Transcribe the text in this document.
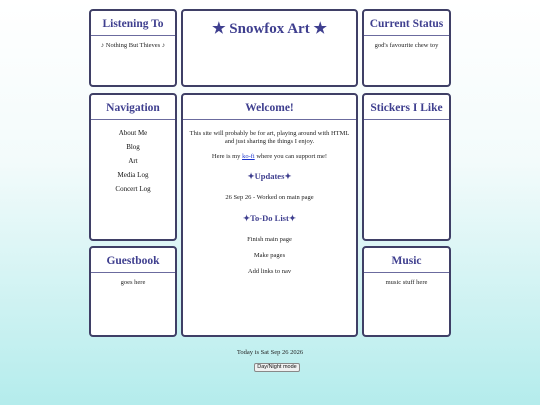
Listening To
♪ Nothing But Thieves ♪
★ Snowfox Art ★	Current Status
god's favourite chew toy
Navigation
About Me
Blog
Art
Media Log
Concert Log
Welcome!

This site will probably be for art, playing around with HTML and just sharing the things I enjoy.

Here is my ko-fi where you can support me!

✦Updates✦
26 Sep 26 - Worked on main page
✦To-Do List✦
Finish main page
Make pages
Add links to nav
Stickers I Like
Guestbook
goes here
Music
music stuff here
Today is Sat Sep 26 2026
Day/Night mode
